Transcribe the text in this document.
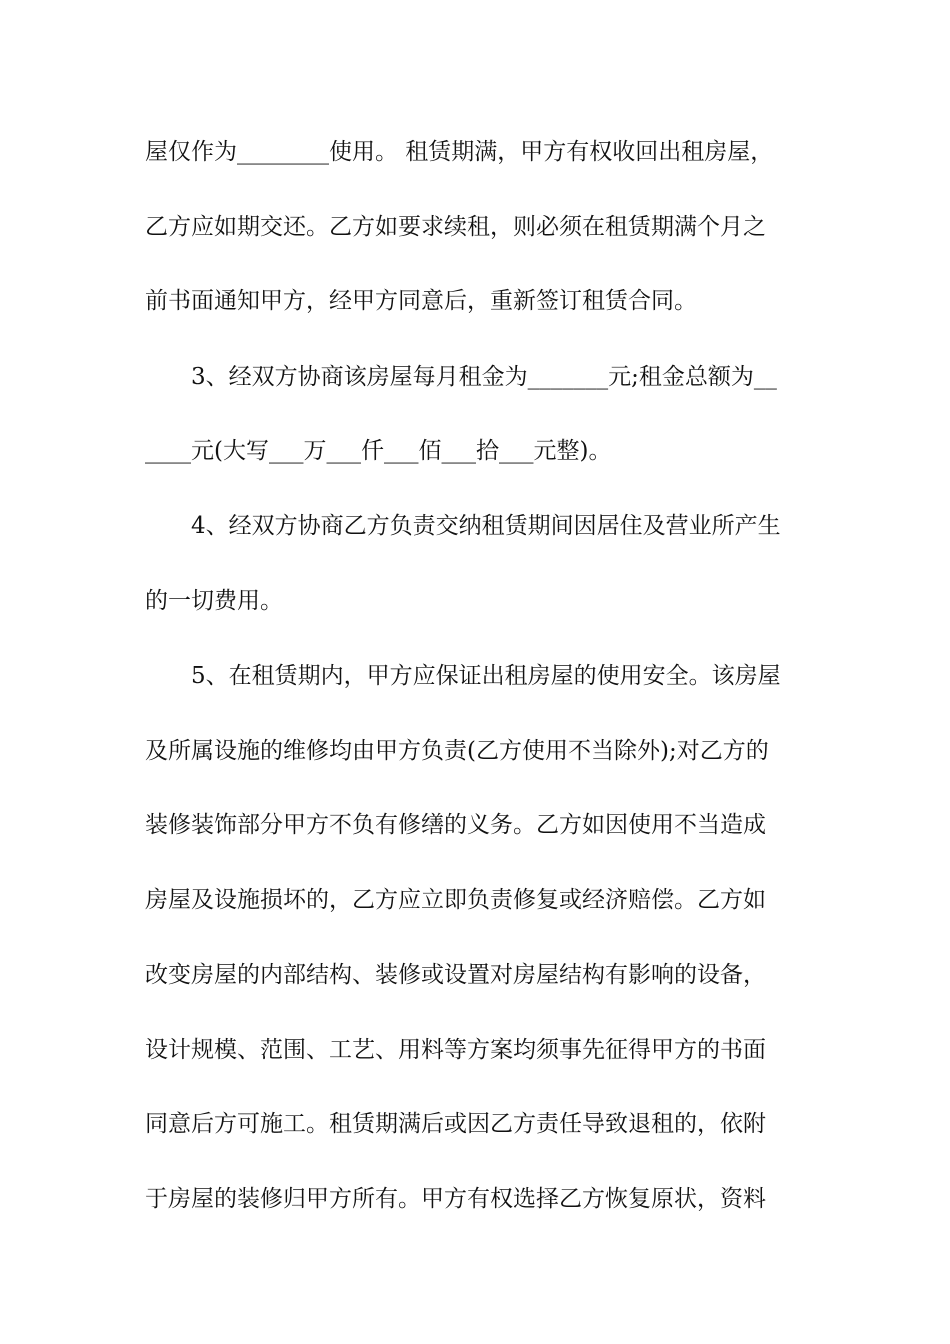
屋仅作为________使用。 租赁期满，甲方有权收回出租房屋，
乙方应如期交还。乙方如要求续租，则必须在租赁期满个月之
前书面通知甲方，经甲方同意后，重新签订租赁合同。
3、经双方协商该房屋每月租金为_______元;租金总额为__
____元(大写___万___仟___佰___拾___元整)。
4、经双方协商乙方负责交纳租赁期间因居住及营业所产生
的一切费用。
5、在租赁期内，甲方应保证出租房屋的使用安全。该房屋
及所属设施的维修均由甲方负责(乙方使用不当除外);对乙方的
装修装饰部分甲方不负有修缮的义务。乙方如因使用不当造成
房屋及设施损坏的，乙方应立即负责修复或经济赔偿。乙方如
改变房屋的内部结构、装修或设置对房屋结构有影响的设备，
设计规模、范围、工艺、用料等方案均须事先征得甲方的书面
同意后方可施工。租赁期满后或因乙方责任导致退租的，依附
于房屋的装修归甲方所有。甲方有权选择乙方恢复原状，资料
